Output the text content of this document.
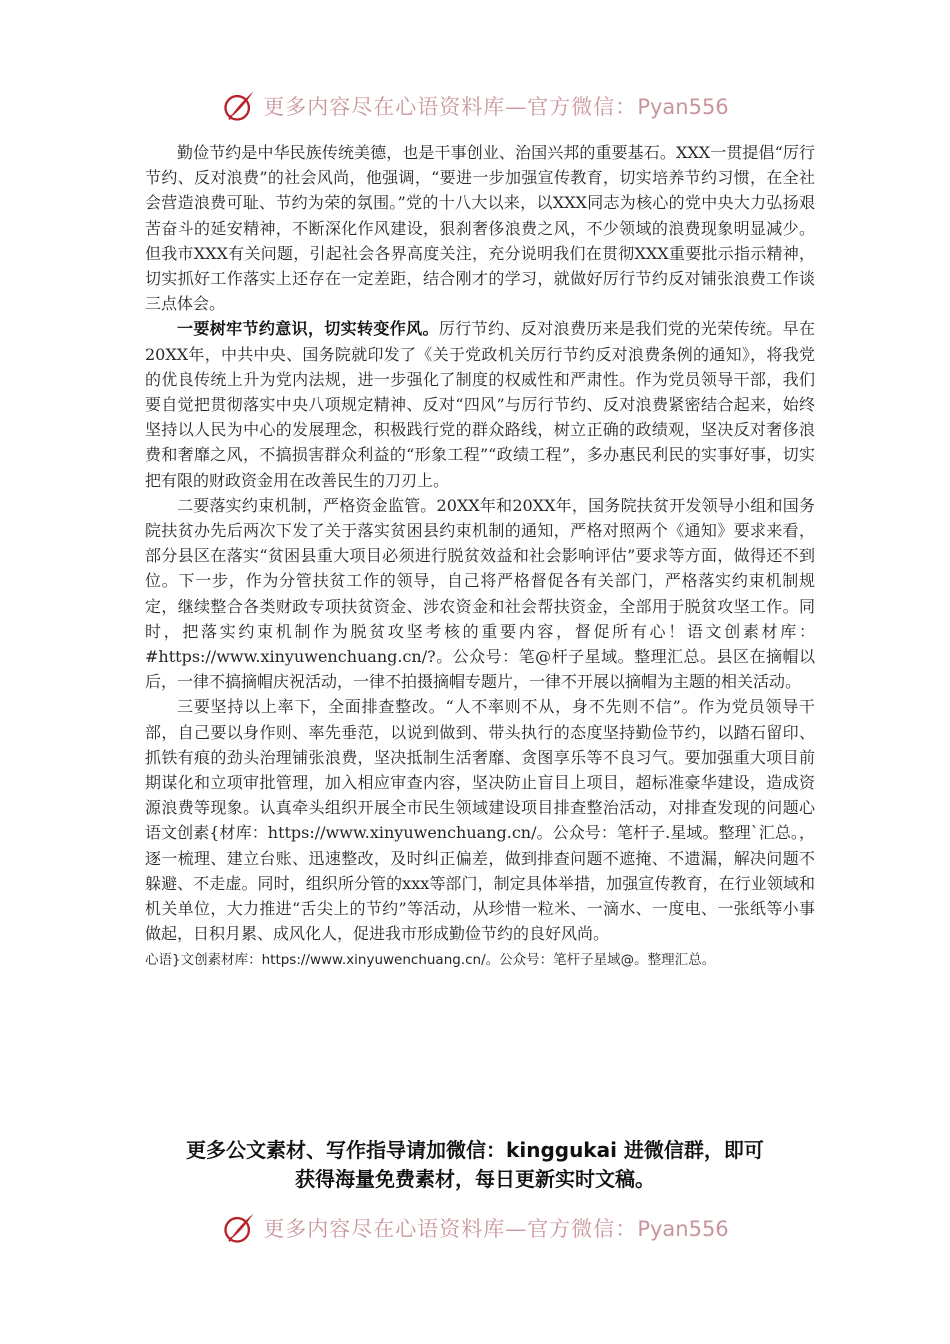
更多内容尽在心语资料库—官方微信：Pyan556

勤俭节约是中华民族传统美德，也是干事创业、治国兴邦的重要基石。XXX一贯提倡“厉行节约、反对浪费”的社会风尚，他强调，“要进一步加强宣传教育，切实培养节约习惯，在全社会营造浪费可耻、节约为荣的氛围。”党的十八大以来，以XXX同志为核心的党中央大力弘扬艰苦奋斗的延安精神，不断深化作风建设，狠刹奢侈浪费之风，不少领域的浪费现象明显减少。但我市XXX有关问题，引起社会各界高度关注，充分说明我们在贯彻XXX重要批示指示精神，切实抓好工作落实上还存在一定差距，结合刚才的学习，就做好厉行节约反对铺张浪费工作谈三点体会。

一要树牢节约意识，切实转变作风。厉行节约、反对浪费历来是我们党的光荣传统。早在20XX年，中共中央、国务院就印发了《关于党政机关厉行节约反对浪费条例的通知》，将我党的优良传统上升为党内法规，进一步强化了制度的权威性和严肃性。作为党员领导干部，我们要自觉把贯彻落实中央八项规定精神、反对“四风”与厉行节约、反对浪费紧密结合起来，始终坚持以人民为中心的发展理念，积极践行党的群众路线，树立正确的政绩观，坚决反对奢侈浪费和奢靡之风，不搞损害群众利益的“形象工程”“政绩工程”，多办惠民利民的实事好事，切实把有限的财政资金用在改善民生的刀刃上。

二要落实约束机制，严格资金监管。20XX年和20XX年，国务院扶贫开发领导小组和国务院扶贫办先后两次下发了关于落实贫困县约束机制的通知，严格对照两个《通知》要求来看，部分县区在落实“贫困县重大项目必须进行脱贫效益和社会影响评估”要求等方面，做得还不到位。下一步，作为分管扶贫工作的领导，自己将严格督促各有关部门，严格落实约束机制规定，继续整合各类财政专项扶贫资金、涉农资金和社会帮扶资金，全部用于脱贫攻坚工作。同时，把落实约束机制作为脱贫攻坚考核的重要内容，督促所有心！语文创素材库：#https://www.xinyuwenchuang.cn/?。公众号：笔@杆子星域。整理汇总。县区在摘帽以后，一律不搞摘帽庆祝活动，一律不拍摄摘帽专题片，一律不开展以摘帽为主题的相关活动。

三要坚持以上率下，全面排查整改。“人不率则不从，身不先则不信”。作为党员领导干部，自己要以身作则、率先垂范，以说到做到、带头执行的态度坚持勤俭节约，以踏石留印、抓铁有痕的劲头治理铺张浪费，坚决抵制生活奢靡、贪图享乐等不良习气。要加强重大项目前期谋化和立项审批管理，加入相应审查内容，坚决防止盲目上项目，超标准豪华建设，造成资源浪费等现象。认真牵头组织开展全市民生领域建设项目排查整治活动，对排查发现的问题心语文创素{材库：https://www.xinyuwenchuang.cn/。公众号：笔杆子.星域。整理`汇总。，逐一梳理、建立台账、迅速整改，及时纠正偏差，做到排查问题不遮掩、不遗漏，解决问题不躲避、不走虚。同时，组织所分管的xxx等部门，制定具体举措，加强宣传教育，在行业领域和机关单位，大力推进“舌尖上的节约”等活动，从珍惜一粒米、一滴水、一度电、一张纸等小事做起，日积月累、成风化人，促进我市形成勤俭节约的良好风尚。

心语}文创素材库：https://www.xinyuwenchuang.cn/。公众号：笔杆子星域@。整理汇总。

更多公文素材、写作指导请加微信：kinggukai 进微信群，即可
获得海量免费素材，每日更新实时文稿。
更多内容尽在心语资料库—官方微信：Pyan556
